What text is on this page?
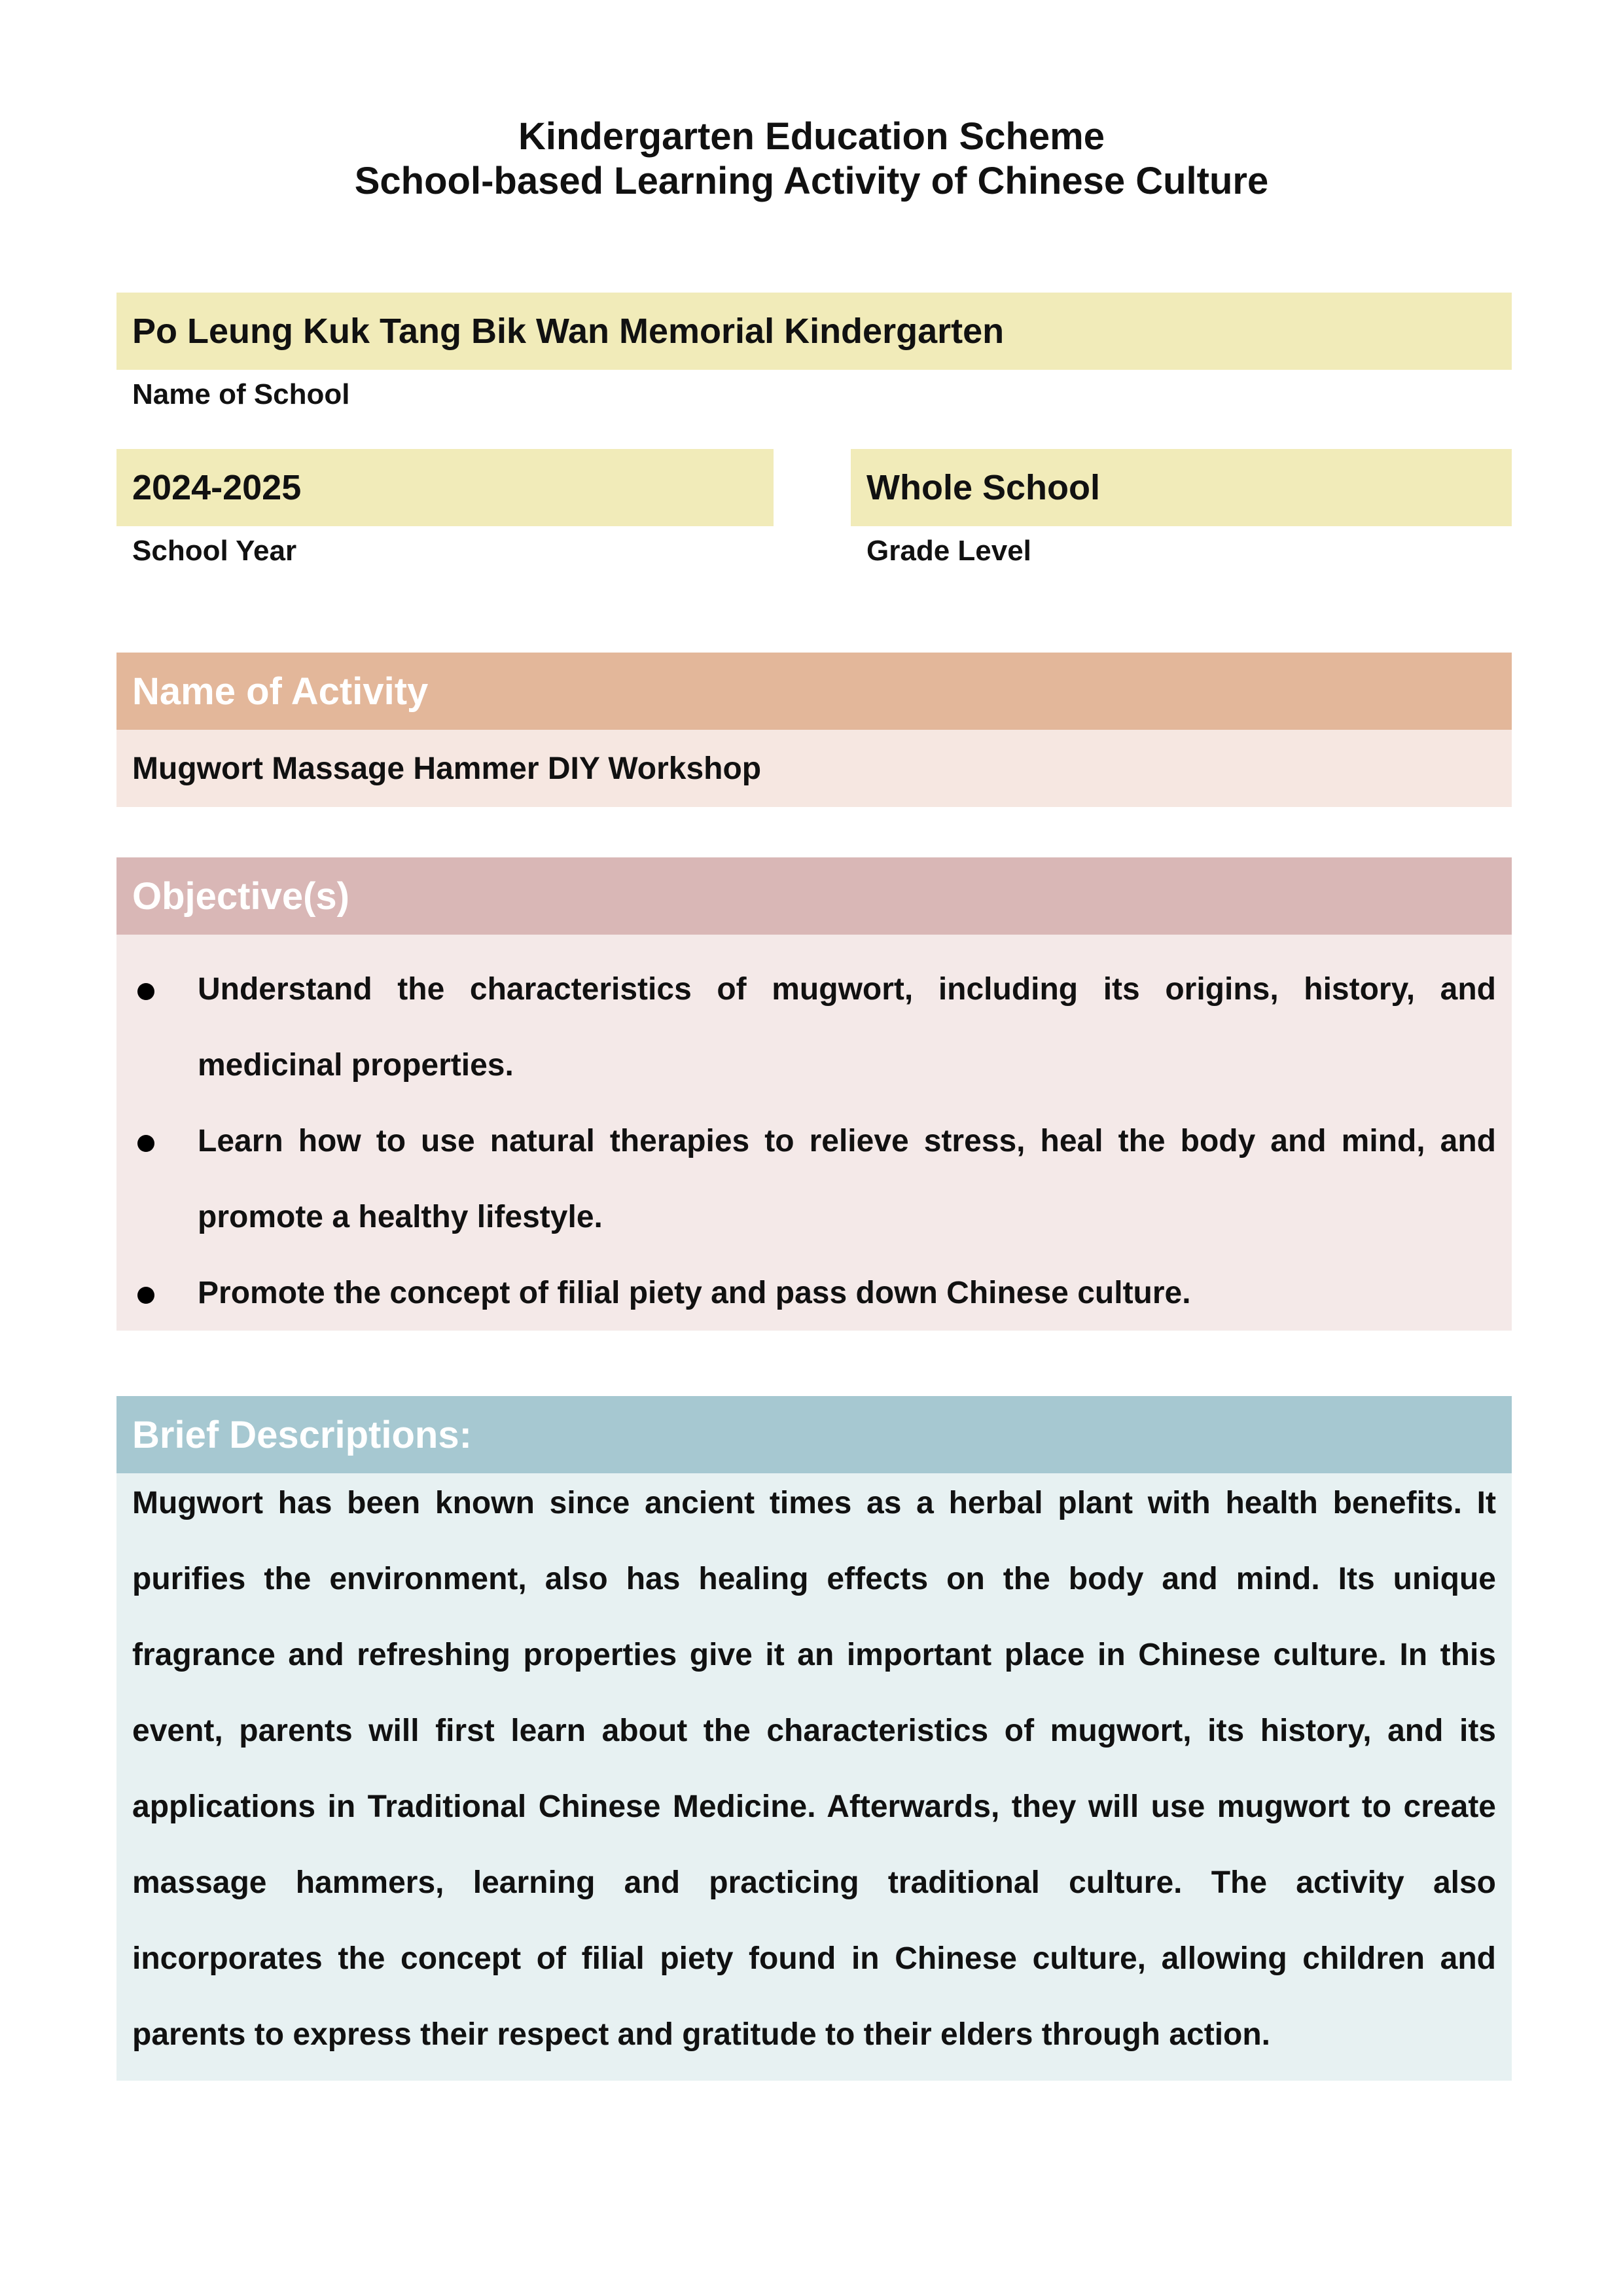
Kindergarten Education Scheme
School-based Learning Activity of Chinese Culture
Po Leung Kuk Tang Bik Wan Memorial Kindergarten
Name of School
2024-2025
School Year
Whole School
Grade Level
Name of Activity
Mugwort Massage Hammer DIY Workshop
Objective(s)
Understand the characteristics of mugwort, including its origins, history, and medicinal properties.
Learn how to use natural therapies to relieve stress, heal the body and mind, and promote a healthy lifestyle.
Promote the concept of filial piety and pass down Chinese culture.
Brief Descriptions:
Mugwort has been known since ancient times as a herbal plant with health benefits. It purifies the environment, also has healing effects on the body and mind. Its unique fragrance and refreshing properties give it an important place in Chinese culture. In this event, parents will first learn about the characteristics of mugwort, its history, and its applications in Traditional Chinese Medicine. Afterwards, they will use mugwort to create massage hammers, learning and practicing traditional culture. The activity also incorporates the concept of filial piety found in Chinese culture, allowing children and parents to express their respect and gratitude to their elders through action.
